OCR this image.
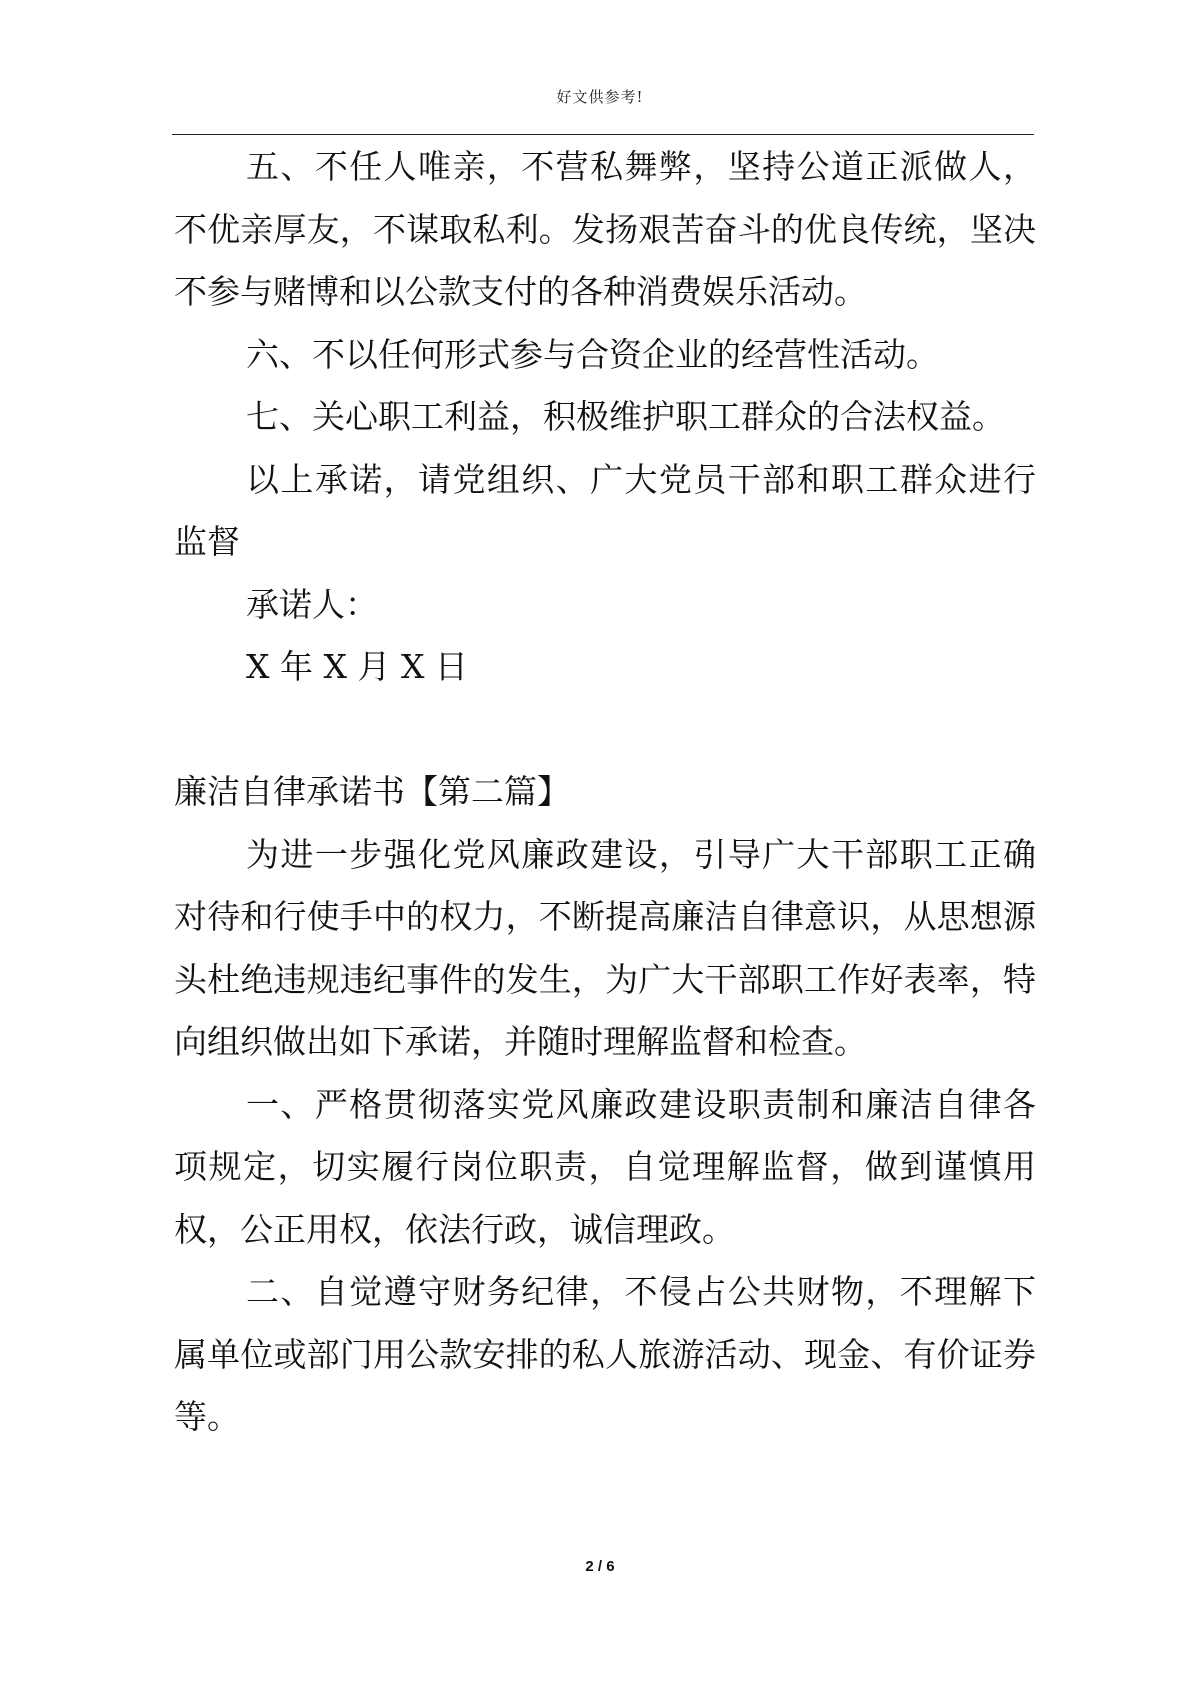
好文供参考!

五、不任人唯亲，不营私舞弊，坚持公道正派做人，不优亲厚友，不谋取私利。发扬艰苦奋斗的优良传统，坚决不参与赌博和以公款支付的各种消费娱乐活动。

六、不以任何形式参与合资企业的经营性活动。

七、关心职工利益，积极维护职工群众的合法权益。

以上承诺，请党组织、广大党员干部和职工群众进行监督

承诺人：

X 年 X 月 X 日

廉洁自律承诺书【第二篇】

为进一步强化党风廉政建设，引导广大干部职工正确对待和行使手中的权力，不断提高廉洁自律意识，从思想源头杜绝违规违纪事件的发生，为广大干部职工作好表率，特向组织做出如下承诺，并随时理解监督和检查。

一、严格贯彻落实党风廉政建设职责制和廉洁自律各项规定，切实履行岗位职责，自觉理解监督，做到谨慎用权，公正用权，依法行政，诚信理政。

二、自觉遵守财务纪律，不侵占公共财物，不理解下属单位或部门用公款安排的私人旅游活动、现金、有价证券等。

2 / 6
